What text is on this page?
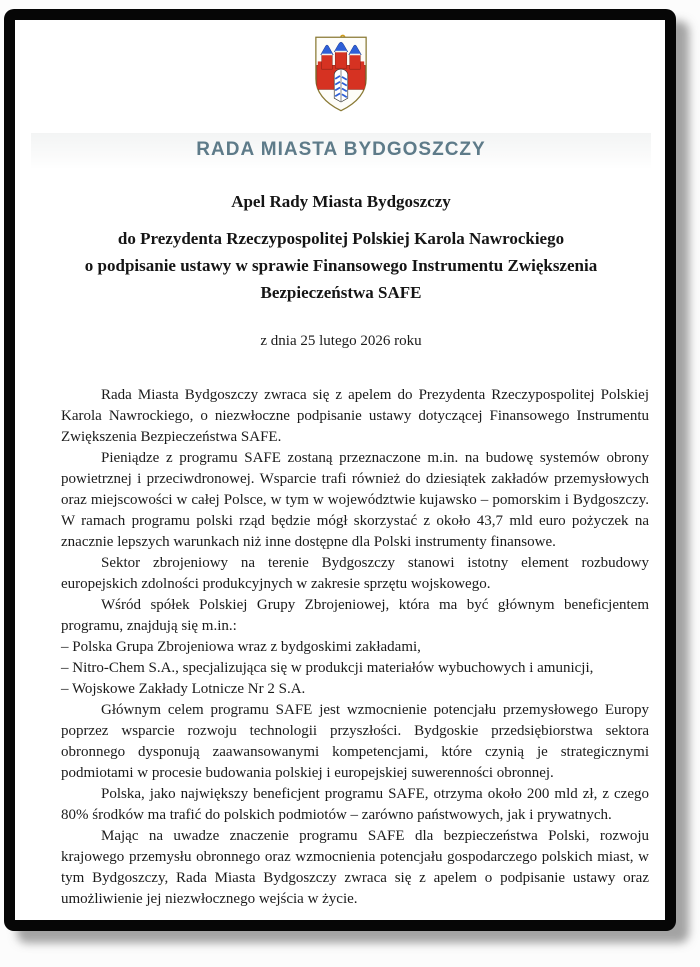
RADA MIASTA BYDGOSZCZY
Apel Rady Miasta Bydgoszczy
do Prezydenta Rzeczypospolitej Polskiej Karola Nawrockiego
o podpisanie ustawy w sprawie Finansowego Instrumentu Zwiększenia
Bezpieczeństwa SAFE
z dnia 25 lutego 2026 roku

Rada Miasta Bydgoszczy zwraca się z apelem do Prezydenta Rzeczypospolitej Polskiej Karola Nawrockiego, o niezwłoczne podpisanie ustawy dotyczącej Finansowego Instrumentu Zwiększenia Bezpieczeństwa SAFE.

Pieniądze z programu SAFE zostaną przeznaczone m.in. na budowę systemów obrony powietrznej i przeciwdronowej. Wsparcie trafi również do dziesiątek zakładów przemysłowych oraz miejscowości w całej Polsce, w tym w województwie kujawsko – pomorskim i Bydgoszczy. W ramach programu polski rząd będzie mógł skorzystać z około 43,7 mld euro pożyczek na znacznie lepszych warunkach niż inne dostępne dla Polski instrumenty finansowe.

Sektor zbrojeniowy na terenie Bydgoszczy stanowi istotny element rozbudowy europejskich zdolności produkcyjnych w zakresie sprzętu wojskowego.

Wśród spółek Polskiej Grupy Zbrojeniowej, która ma być głównym beneficjentem programu, znajdują się m.in.:

– Polska Grupa Zbrojeniowa wraz z bydgoskimi zakładami,
– Nitro-Chem S.A., specjalizująca się w produkcji materiałów wybuchowych i amunicji,
– Wojskowe Zakłady Lotnicze Nr 2 S.A.

Głównym celem programu SAFE jest wzmocnienie potencjału przemysłowego Europy poprzez wsparcie rozwoju technologii przyszłości. Bydgoskie przedsiębiorstwa sektora obronnego dysponują zaawansowanymi kompetencjami, które czynią je strategicznymi podmiotami w procesie budowania polskiej i europejskiej suwerenności obronnej.

Polska, jako największy beneficjent programu SAFE, otrzyma około 200 mld zł, z czego 80% środków ma trafić do polskich podmiotów – zarówno państwowych, jak i prywatnych.

Mając na uwadze znaczenie programu SAFE dla bezpieczeństwa Polski, rozwoju krajowego przemysłu obronnego oraz wzmocnienia potencjału gospodarczego polskich miast, w tym Bydgoszczy, Rada Miasta Bydgoszczy zwraca się z apelem o podpisanie ustawy oraz umożliwienie jej niezwłocznego wejścia w życie.
